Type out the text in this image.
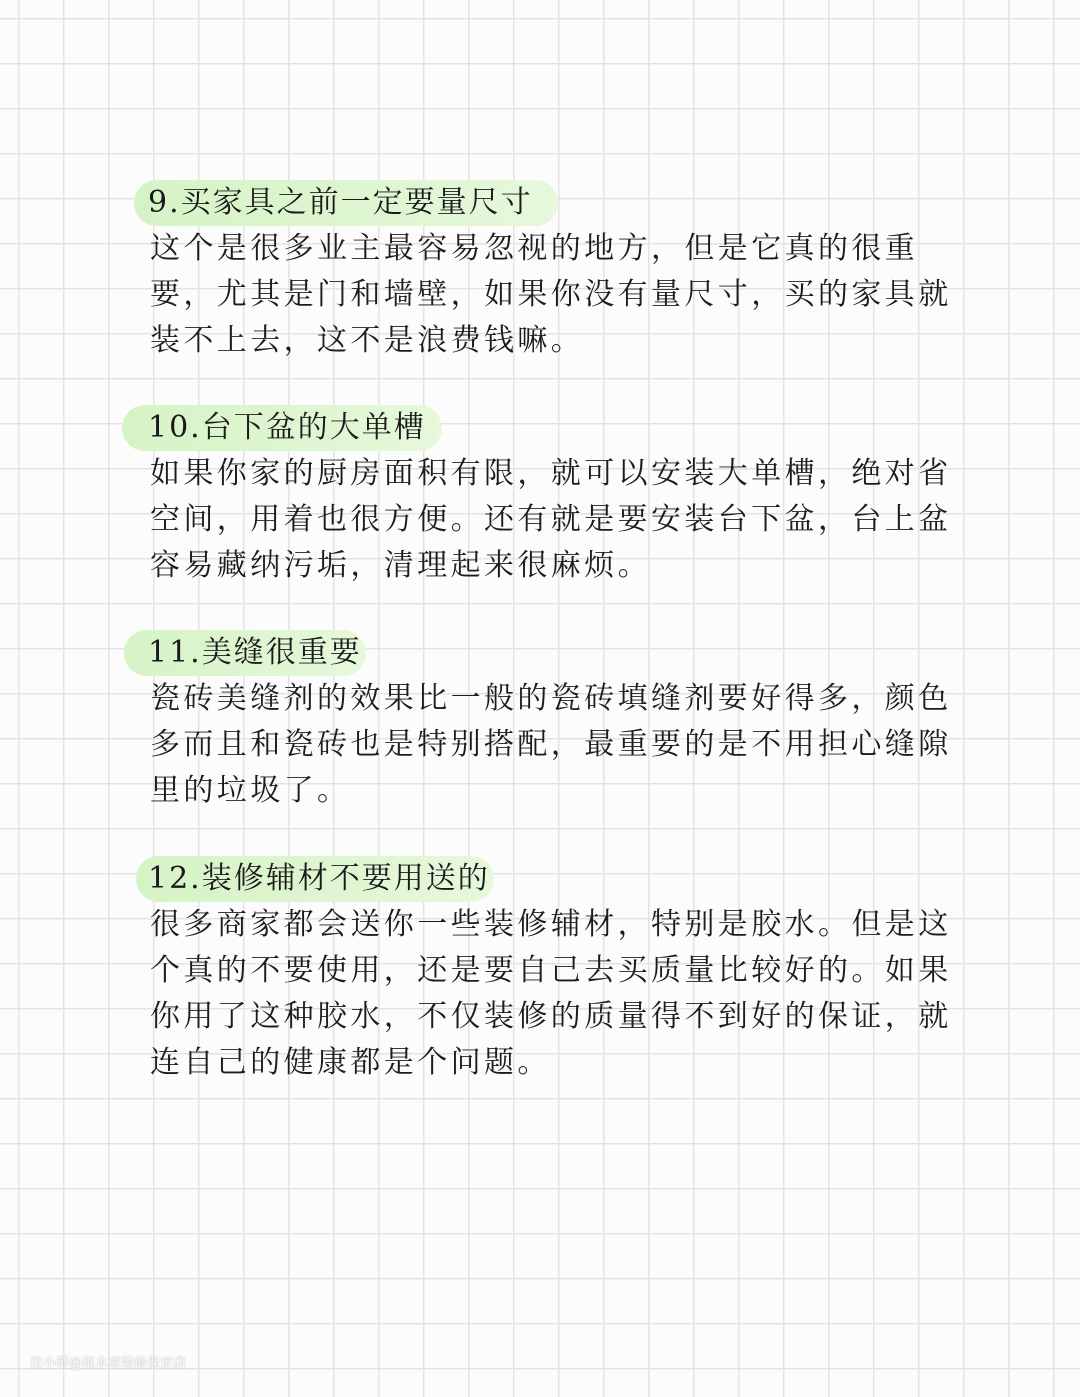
9.买家具之前一定要量尺寸

这个是很多业主最容易忽视的地方，但是它真的很重
要，尤其是门和墙壁，如果你没有量尺寸，买的家具就
装不上去，这不是浪费钱嘛。

10.台下盆的大单槽

如果你家的厨房面积有限，就可以安装大单槽，绝对省
空间，用着也很方便。还有就是要安装台下盆，台上盆
容易藏纳污垢，清理起来很麻烦。

11.美缝很重要

瓷砖美缝剂的效果比一般的瓷砖填缝剂要好得多，颜色
多而且和瓷砖也是特别搭配，最重要的是不用担心缝隙
里的垃圾了。

12.装修辅材不要用送的

很多商家都会送你一些装修辅材，特别是胶水。但是这
个真的不要使用，还是要自己去买质量比较好的。如果
你用了这种胶水，不仅装修的质量得不到好的保证，就
连自己的健康都是个问题。

住小帮@班木家装修保定店
